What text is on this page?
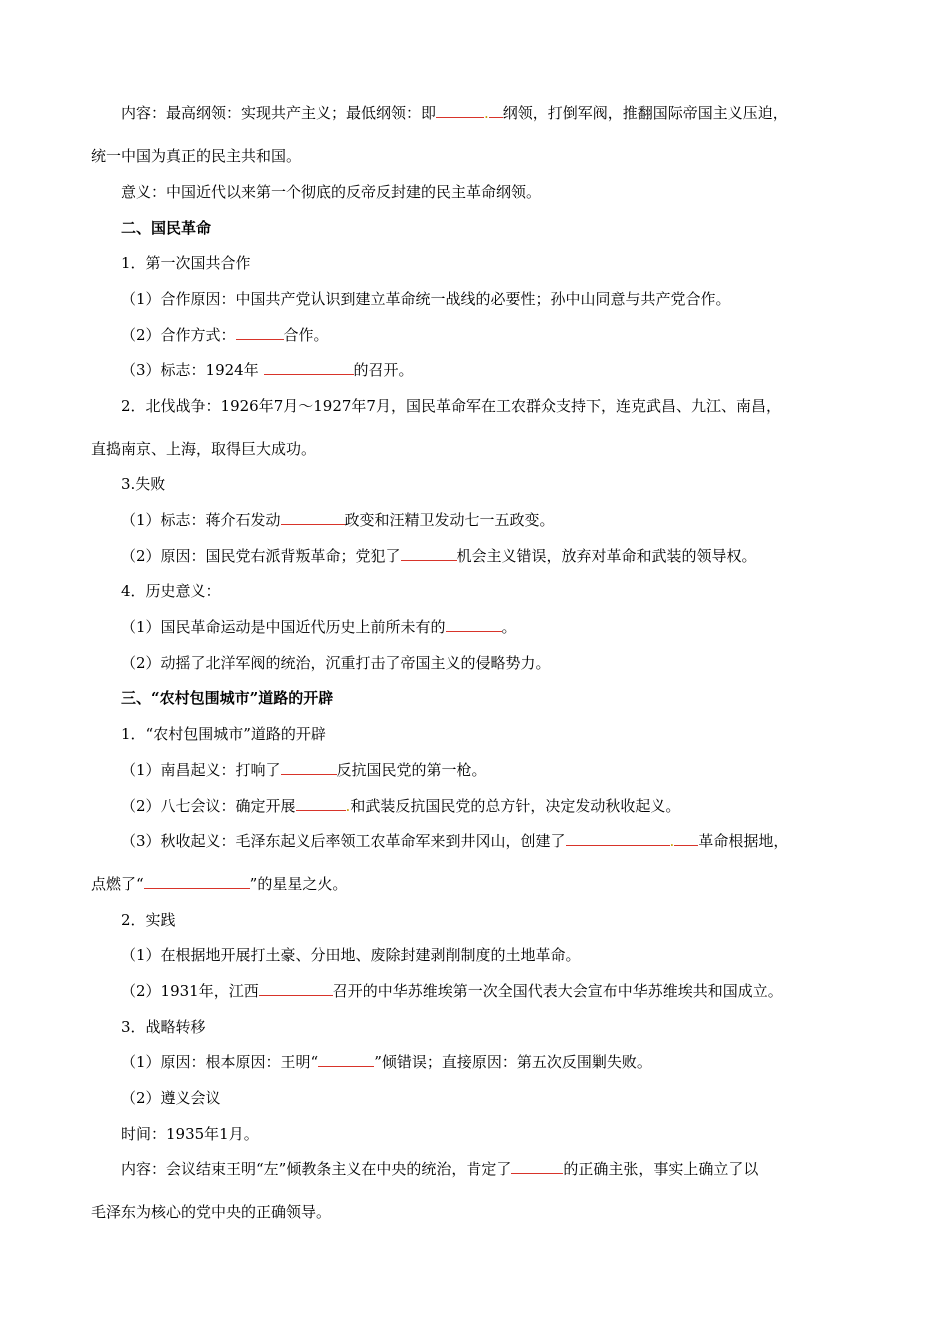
内容：最高纲领：实现共产主义；最低纲领：即	. 纲领，打倒军阀，推翻国际帝国主义压迫，
统一中国为真正的民主共和国。
意义：中国近代以来第一个彻底的反帝反封建的民主革命纲领。
二、国民革命
1．第一次国共合作
（1）合作原因：中国共产党认识到建立革命统一战线的必要性；孙中山同意与共产党合作。
（2）合作方式：	合作。
（3）标志：1924年	的召开。
2．北伐战争：1926年7月～1927年7月，国民革命军在工农群众支持下，连克武昌、九江、南昌，
直捣南京、上海，取得巨大成功。
3.失败
（1）标志：蒋介石发动	政变和汪精卫发动七一五政变。
（2）原因：国民党右派背叛革命；党犯了	机会主义错误，放弃对革命和武装的领导权。
4．历史意义：
（1）国民革命运动是中国近代历史上前所未有的	。
（2）动摇了北洋军阀的统治，沉重打击了帝国主义的侵略势力。
三、“农村包围城市”道路的开辟
1．“农村包围城市”道路的开辟
（1）南昌起义：打响了	反抗国民党的第一枪。
（2）八七会议：确定开展	.和武装反抗国民党的总方针，决定发动秋收起义。
（3）秋收起义：毛泽东起义后率领工农革命军来到井冈山，创建了	. 革命根据地，
点燃了“	”的星星之火。
2．实践
（1）在根据地开展打土豪、分田地、废除封建剥削制度的土地革命。
（2）1931年，江西	召开的中华苏维埃第一次全国代表大会宣布中华苏维埃共和国成立。
3．战略转移
（1）原因：根本原因：王明“	”倾错误；直接原因：第五次反围剿失败。
（2）遵义会议
时间：1935年1月。
内容：会议结束王明“左”倾教条主义在中央的统治，肯定了	的正确主张，事实上确立了以
毛泽东为核心的党中央的正确领导。
